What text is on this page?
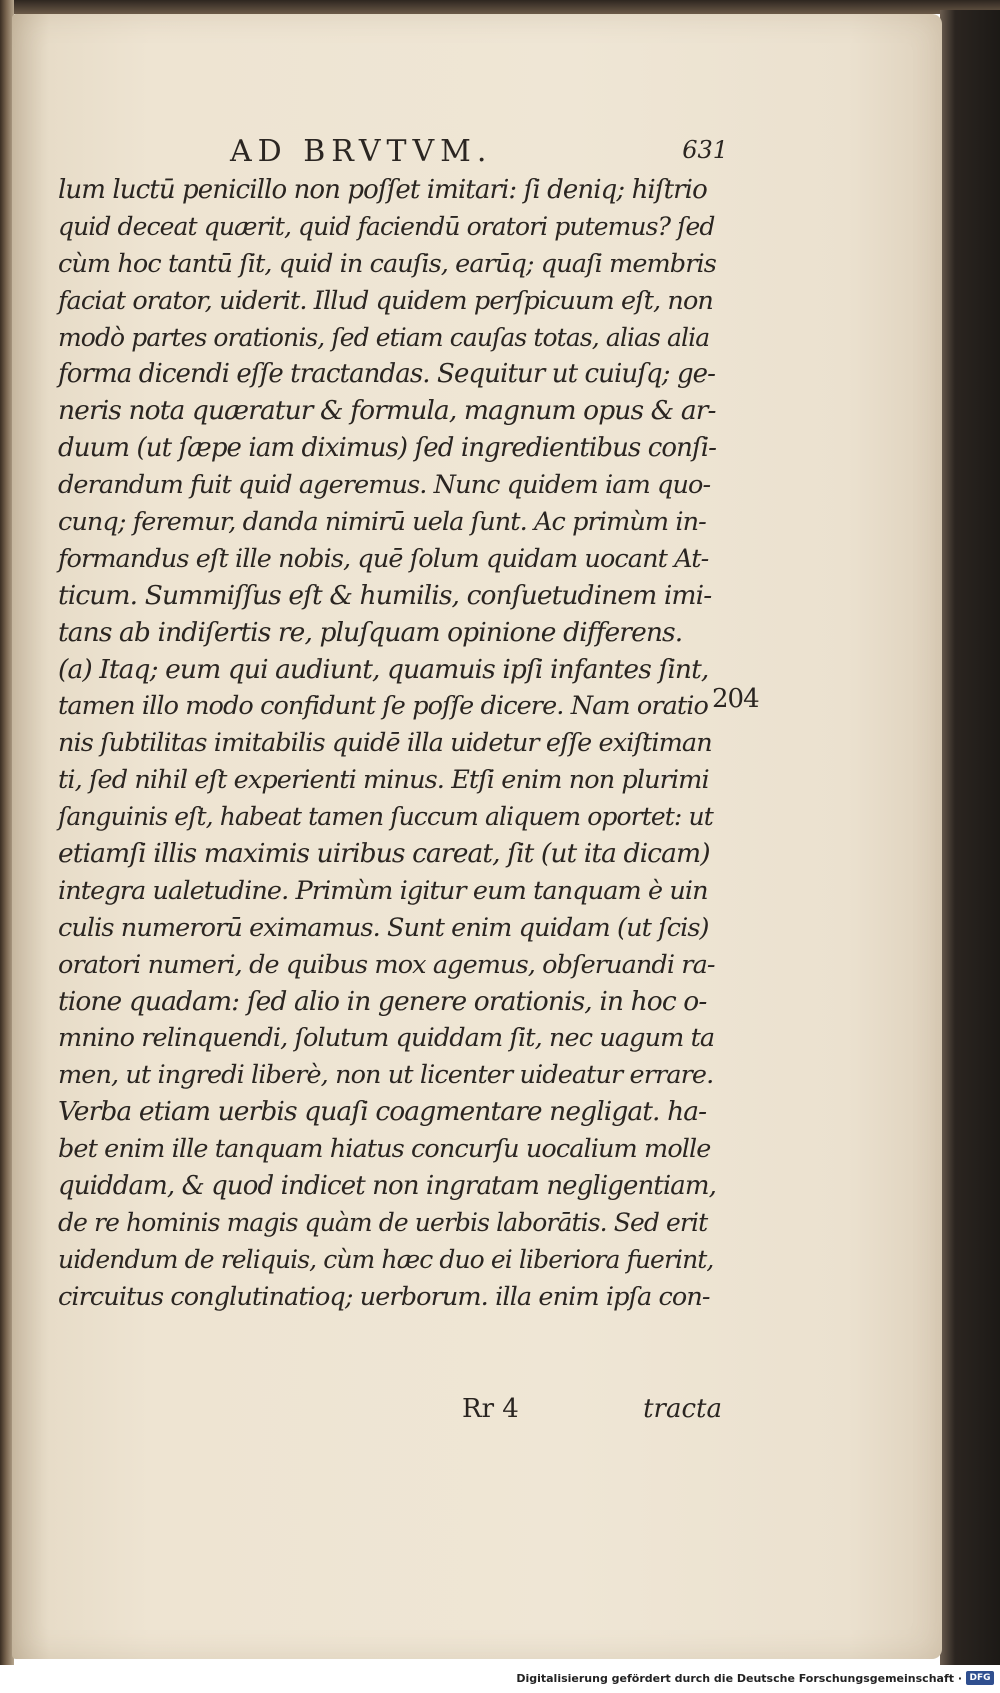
AD BRVTVM.	631
lum luctū penicillo non poſſet imitari: ſi deniq; hiſtrio
quid deceat quærit, quid faciendū oratori putemus? ſed
cùm hoc tantū ſit, quid in cauſis, earūq; quaſi membris
faciat orator, uiderit. Illud quidem perſpicuum eſt, non
modò partes orationis, ſed etiam cauſas totas, alias alia
forma dicendi eſſe tractandas. Sequitur ut cuiuſq; ge-
neris nota quæratur & formula, magnum opus & ar-
duum (ut ſæpe iam diximus) ſed ingredientibus conſi-
derandum fuit quid ageremus. Nunc quidem iam quo-
cunq; feremur, danda nimirū uela ſunt. Ac primùm in-
formandus eſt ille nobis, quē ſolum quidam uocant At-
ticum. Summiſſus eſt & humilis, conſuetudinem imi-
tans ab indiſertis re, pluſquam opinione differens.
(a) Itaq; eum qui audiunt, quamuis ipſi infantes ſint,
tamen illo modo confidunt ſe poſſe dicere. Nam oratio
nis ſubtilitas imitabilis quidē illa uidetur eſſe exiſtiman
ti, ſed nihil eſt experienti minus. Etſi enim non plurimi
ſanguinis eſt, habeat tamen ſuccum aliquem oportet: ut
etiamſi illis maximis uiribus careat, ſit (ut ita dicam)
integra ualetudine. Primùm igitur eum tanquam è uin
culis numerorū eximamus. Sunt enim quidam (ut ſcis)
oratori numeri, de quibus mox agemus, obſeruandi ra-
tione quadam: ſed alio in genere orationis, in hoc o-
mnino relinquendi, ſolutum quiddam ſit, nec uagum ta
men, ut ingredi liberè, non ut licenter uideatur errare.
Verba etiam uerbis quaſi coagmentare negligat. ha-
bet enim ille tanquam hiatus concurſu uocalium molle
quiddam, & quod indicet non ingratam negligentiam,
de re hominis magis quàm de uerbis laborātis. Sed erit
uidendum de reliquis, cùm hæc duo ei liberiora fuerint,
circuitus conglutinatioq; uerborum. illa enim ipſa con-
204
Rr 4	tracta
Digitalisierung gefördert durch die Deutsche Forschungsgemeinschaft · DFG
